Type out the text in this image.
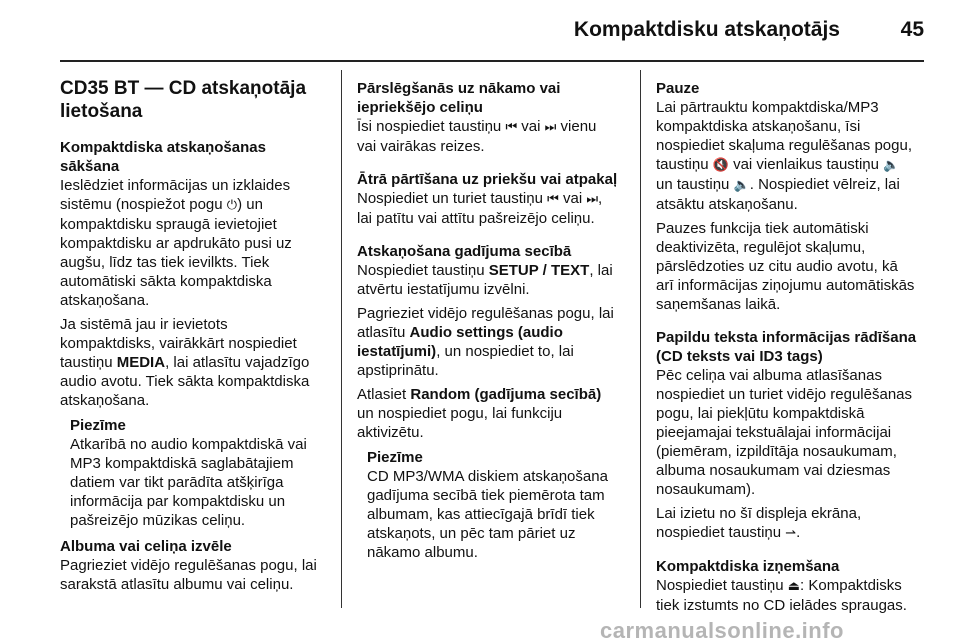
Kompaktdisku atskaņotājs	45
CD35 BT — CD atskaņotāja lietošana
Kompaktdiska atskaņošanas sākšana

Ieslēdziet informācijas un izklaides sistēmu (nospiežot pogu ⏻) un kompaktdisku spraugā ievietojiet kompaktdisku ar apdrukāto pusi uz augšu, līdz tas tiek ievilkts. Tiek automātiski sākta kompaktdiska atskaņošana.

Ja sistēmā jau ir ievietots kompaktdisks, vairākkārt nospiediet taustiņu MEDIA, lai atlasītu vajadzīgo audio avotu. Tiek sākta kompaktdiska atskaņošana.

Piezīme
Atkarībā no audio kompaktdiskā vai MP3 kompaktdiskā saglabātajiem datiem var tikt parādīta atšķirīga informācija par kompaktdisku un pašreizējo mūzikas celiņu.
Albuma vai celiņa izvēle

Pagrieziet vidējo regulēšanas pogu, lai sarakstā atlasītu albumu vai celiņu.

Pārslēgšanās uz nākamo vai iepriekšējo celiņu

Īsi nospiediet taustiņu ⏮ vai ⏭ vienu vai vairākas reizes.

Ātrā pārtīšana uz priekšu vai atpakaļ

Nospiediet un turiet taustiņu ⏮ vai ⏭, lai patītu vai attītu pašreizējo celiņu.

Atskaņošana gadījuma secībā

Nospiediet taustiņu SETUP / TEXT, lai atvērtu iestatījumu izvēlni.

Pagrieziet vidējo regulēšanas pogu, lai atlasītu Audio settings (audio iestatījumi), un nospiediet to, lai apstiprinātu.

Atlasiet Random (gadījuma secībā) un nospiediet pogu, lai funkciju aktivizētu.

Piezīme
CD MP3/WMA diskiem atskaņošana gadījuma secībā tiek piemērota tam albumam, kas attiecīgajā brīdī tiek atskaņots, un pēc tam pāriet uz nākamo albumu.
Pauze

Lai pārtrauktu kompaktdiska/MP3 kompaktdiska atskaņošanu, īsi nospiediet skaļuma regulēšanas pogu, taustiņu 🔇 vai vienlaikus taustiņu 🔈 un taustiņu 🔈. Nospiediet vēlreiz, lai atsāktu atskaņošanu.

Pauzes funkcija tiek automātiski deaktivizēta, regulējot skaļumu, pārslēdzoties uz citu audio avotu, kā arī informācijas ziņojumu automātiskās saņemšanas laikā.

Papildu teksta informācijas rādīšana (CD teksts vai ID3 tags)

Pēc celiņa vai albuma atlasīšanas nospiediet un turiet vidējo regulēšanas pogu, lai piekļūtu kompaktdiskā pieejamajai tekstuālajai informācijai (piemēram, izpildītāja nosaukumam, albuma nosaukumam vai dziesmas nosaukumam).

Lai izietu no šī displeja ekrāna, nospiediet taustiņu ⇀.

Kompaktdiska izņemšana

Nospiediet taustiņu ⏏: Kompaktdisks tiek izstumts no CD ielādes spraugas.

carmanualsonline.info
